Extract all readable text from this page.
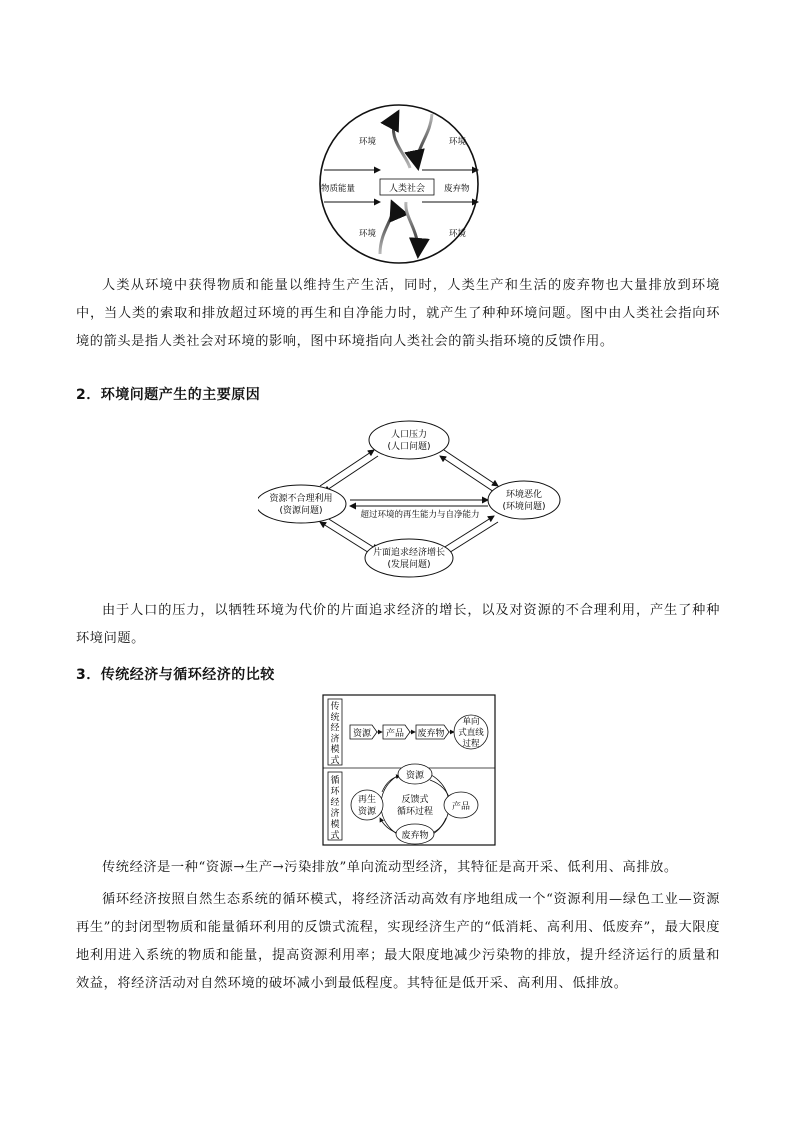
人类社会
物质能量	废弃物
环境	环境
环境	环境

人类从环境中获得物质和能量以维持生产生活，同时，人类生产和生活的废弃物也大量排放到环境中，当人类的索取和排放超过环境的再生和自净能力时，就产生了种种环境问题。图中由人类社会指向环境的箭头是指人类社会对环境的影响，图中环境指向人类社会的箭头指环境的反馈作用。

2．环境问题产生的主要原因
人口压力
(人口问题)
资源不合理利用
(资源问题)
环境恶化
(环境问题)
片面追求经济增长
(发展问题)
超过环境的再生能力与自净能力

由于人口的压力，以牺牲环境为代价的片面追求经济的增长，以及对资源的不合理利用，产生了种种环境问题。

3．传统经济与循环经济的比较
传
统
经
济
模
式
循
环
经
济
模
式
资源 产品 废弃物
单向
式直线
过程
资源
产品
废弃物
再生
资源
反馈式
循环过程

传统经济是一种“资源→生产→污染排放”单向流动型经济，其特征是高开采、低利用、高排放。

循环经济按照自然生态系统的循环模式，将经济活动高效有序地组成一个“资源利用—绿色工业—资源再生”的封闭型物质和能量循环利用的反馈式流程，实现经济生产的“低消耗、高利用、低废弃”，最大限度地利用进入系统的物质和能量，提高资源利用率；最大限度地减少污染物的排放，提升经济运行的质量和效益，将经济活动对自然环境的破坏减小到最低程度。其特征是低开采、高利用、低排放。
